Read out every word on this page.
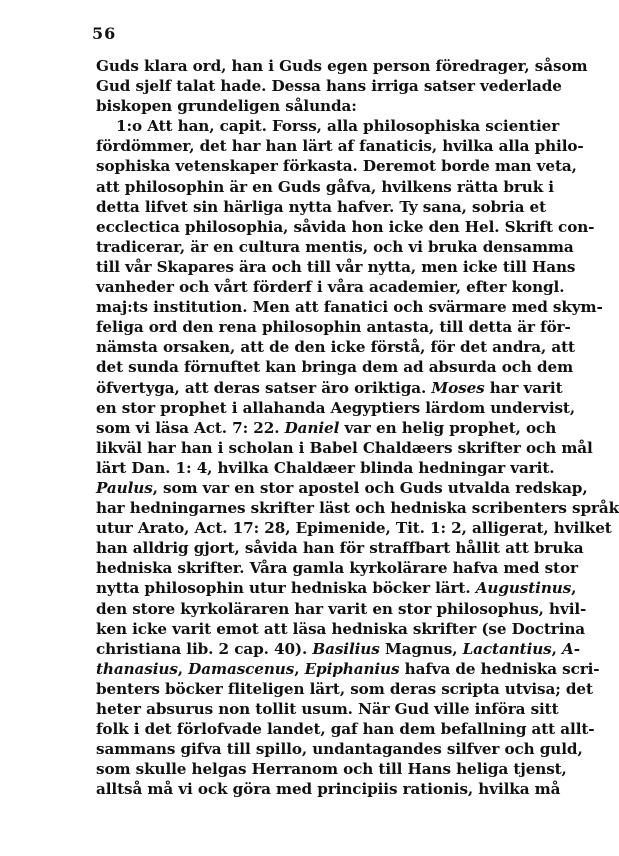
56
Guds klara ord, han i Guds egen person föredrager, såsom
Gud sjelf talat hade. Dessa hans irriga satser vederlade
biskopen grundeligen sålunda:
1:o Att han, capit. Forss, alla philosophiska scientier
fördömmer, det har han lärt af fanaticis, hvilka alla philo-
sophiska vetenskaper förkasta. Deremot borde man veta,
att philosophin är en Guds gåfva, hvilkens rätta bruk i
detta lifvet sin härliga nytta hafver. Ty sana, sobria et
ecclectica philosophia, såvida hon icke den Hel. Skrift con-
tradicerar, är en cultura mentis, och vi bruka densamma
till vår Skapares ära och till vår nytta, men icke till Hans
vanheder och vårt förderf i våra academier, efter kongl.
maj:ts institution. Men att fanatici och svärmare med skym-
feliga ord den rena philosophin antasta, till detta är för-
nämsta orsaken, att de den icke förstå, för det andra, att
det sunda förnuftet kan bringa dem ad absurda och dem
öfvertyga, att deras satser äro oriktiga. Moses har varit
en stor prophet i allahanda Aegyptiers lärdom undervist,
som vi läsa Act. 7: 22. Daniel var en helig prophet, och
likväl har han i scholan i Babel Chaldæers skrifter och mål
lärt Dan. 1: 4, hvilka Chaldæer blinda hedningar varit.
Paulus, som var en stor apostel och Guds utvalda redskap,
har hedningarnes skrifter läst och hedniska scribenters språk
utur Arato, Act. 17: 28, Epimenide, Tit. 1: 2, alligerat, hvilket
han alldrig gjort, såvida han för straffbart hållit att bruka
hedniska skrifter. Våra gamla kyrkolärare hafva med stor
nytta philosophin utur hedniska böcker lärt. Augustinus,
den store kyrkoläraren har varit en stor philosophus, hvil-
ken icke varit emot att läsa hedniska skrifter (se Doctrina
christiana lib. 2 cap. 40). Basilius Magnus, Lactantius, A-
thanasius, Damascenus, Epiphanius hafva de hedniska scri-
benters böcker fliteligen lärt, som deras scripta utvisa; det
heter absurus non tollit usum. När Gud ville införa sitt
folk i det förlofvade landet, gaf han dem befallning att allt-
sammans gifva till spillo, undantagandes silfver och guld,
som skulle helgas Herranom och till Hans heliga tjenst,
alltså må vi ock göra med principiis rationis, hvilka må
